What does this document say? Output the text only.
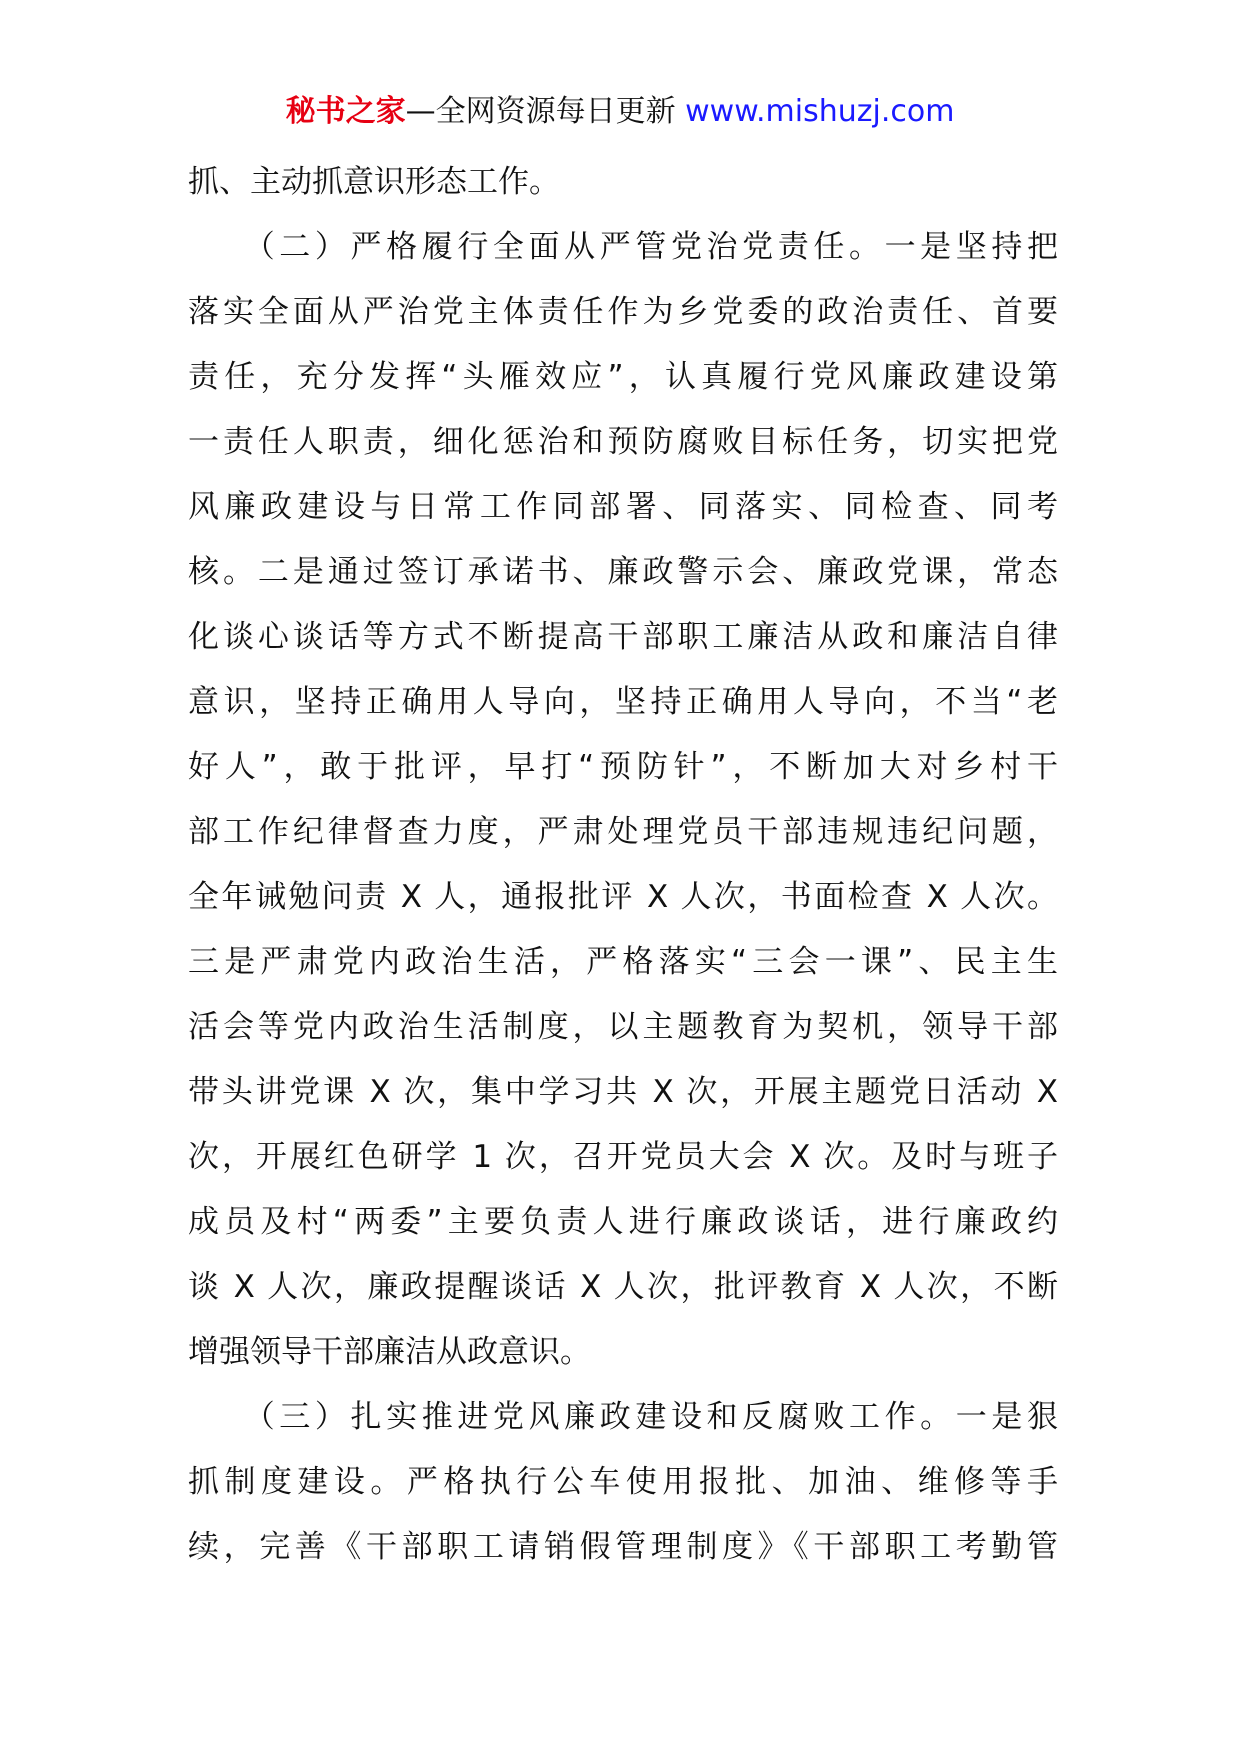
秘书之家—全网资源每日更新 www.mishuzj.com
抓、主动抓意识形态工作。
　　（二）严格履行全面从严管党治党责任。一是坚持把
落实全面从严治党主体责任作为乡党委的政治责任、首要
责任，充分发挥“头雁效应”，认真履行党风廉政建设第
一责任人职责，细化惩治和预防腐败目标任务，切实把党
风廉政建设与日常工作同部署、同落实、同检查、同考
核。二是通过签订承诺书、廉政警示会、廉政党课，常态
化谈心谈话等方式不断提高干部职工廉洁从政和廉洁自律
意识，坚持正确用人导向，坚持正确用人导向，不当“老
好人”，敢于批评，早打“预防针”，不断加大对乡村干
部工作纪律督查力度，严肃处理党员干部违规违纪问题，
全年诫勉问责 X 人，通报批评 X 人次，书面检查 X 人次。
三是严肃党内政治生活，严格落实“三会一课”、民主生
活会等党内政治生活制度，以主题教育为契机，领导干部
带头讲党课 X 次，集中学习共 X 次，开展主题党日活动 X
次，开展红色研学 1 次，召开党员大会 X 次。及时与班子
成员及村“两委”主要负责人进行廉政谈话，进行廉政约
谈 X 人次，廉政提醒谈话 X 人次，批评教育 X 人次，不断
增强领导干部廉洁从政意识。
　　（三）扎实推进党风廉政建设和反腐败工作。一是狠
抓制度建设。严格执行公车使用报批、加油、维修等手
续，完善《干部职工请销假管理制度》《干部职工考勤管
